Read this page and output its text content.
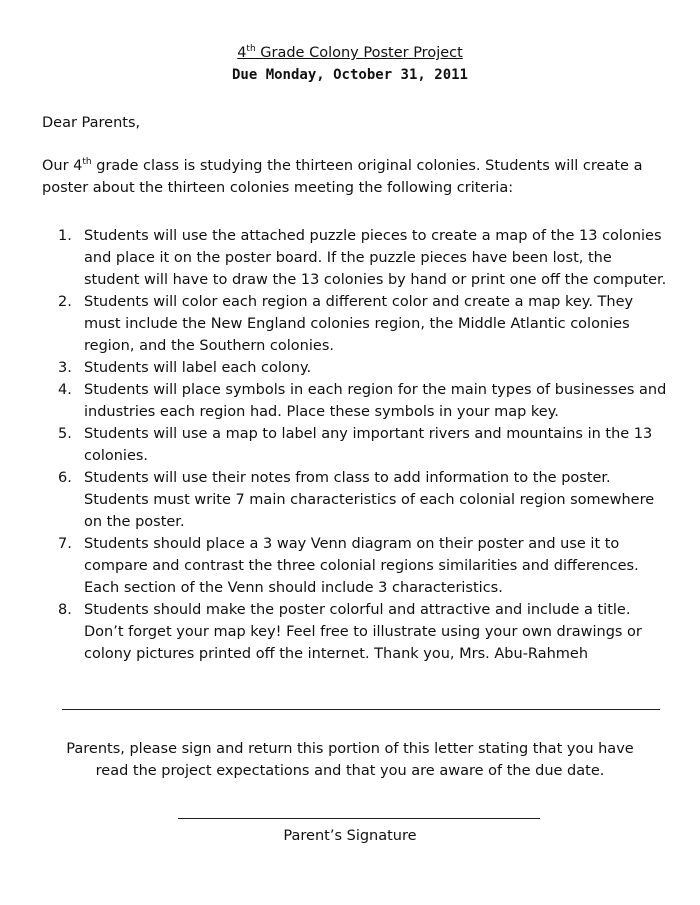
4th Grade Colony Poster Project
Due Monday, October 31, 2011
Dear Parents,

Our 4th grade class is studying the thirteen original colonies. Students will create a poster about the thirteen colonies meeting the following criteria:

1. Students will use the attached puzzle pieces to create a map of the 13 colonies and place it on the poster board. If the puzzle pieces have been lost, the student will have to draw the 13 colonies by hand or print one off the computer.
2. Students will color each region a different color and create a map key. They must include the New England colonies region, the Middle Atlantic colonies region, and the Southern colonies.
3. Students will label each colony.
4. Students will place symbols in each region for the main types of businesses and industries each region had. Place these symbols in your map key.
5. Students will use a map to label any important rivers and mountains in the 13 colonies.
6. Students will use their notes from class to add information to the poster. Students must write 7 main characteristics of each colonial region somewhere on the poster.
7. Students should place a 3 way Venn diagram on their poster and use it to compare and contrast the three colonial regions similarities and differences. Each section of the Venn should include 3 characteristics.
8. Students should make the poster colorful and attractive and include a title. Don’t forget your map key! Feel free to illustrate using your own drawings or colony pictures printed off the internet. Thank you, Mrs. Abu-Rahmeh

Parents, please sign and return this portion of this letter stating that you have read the project expectations and that you are aware of the due date.

Parent’s Signature
